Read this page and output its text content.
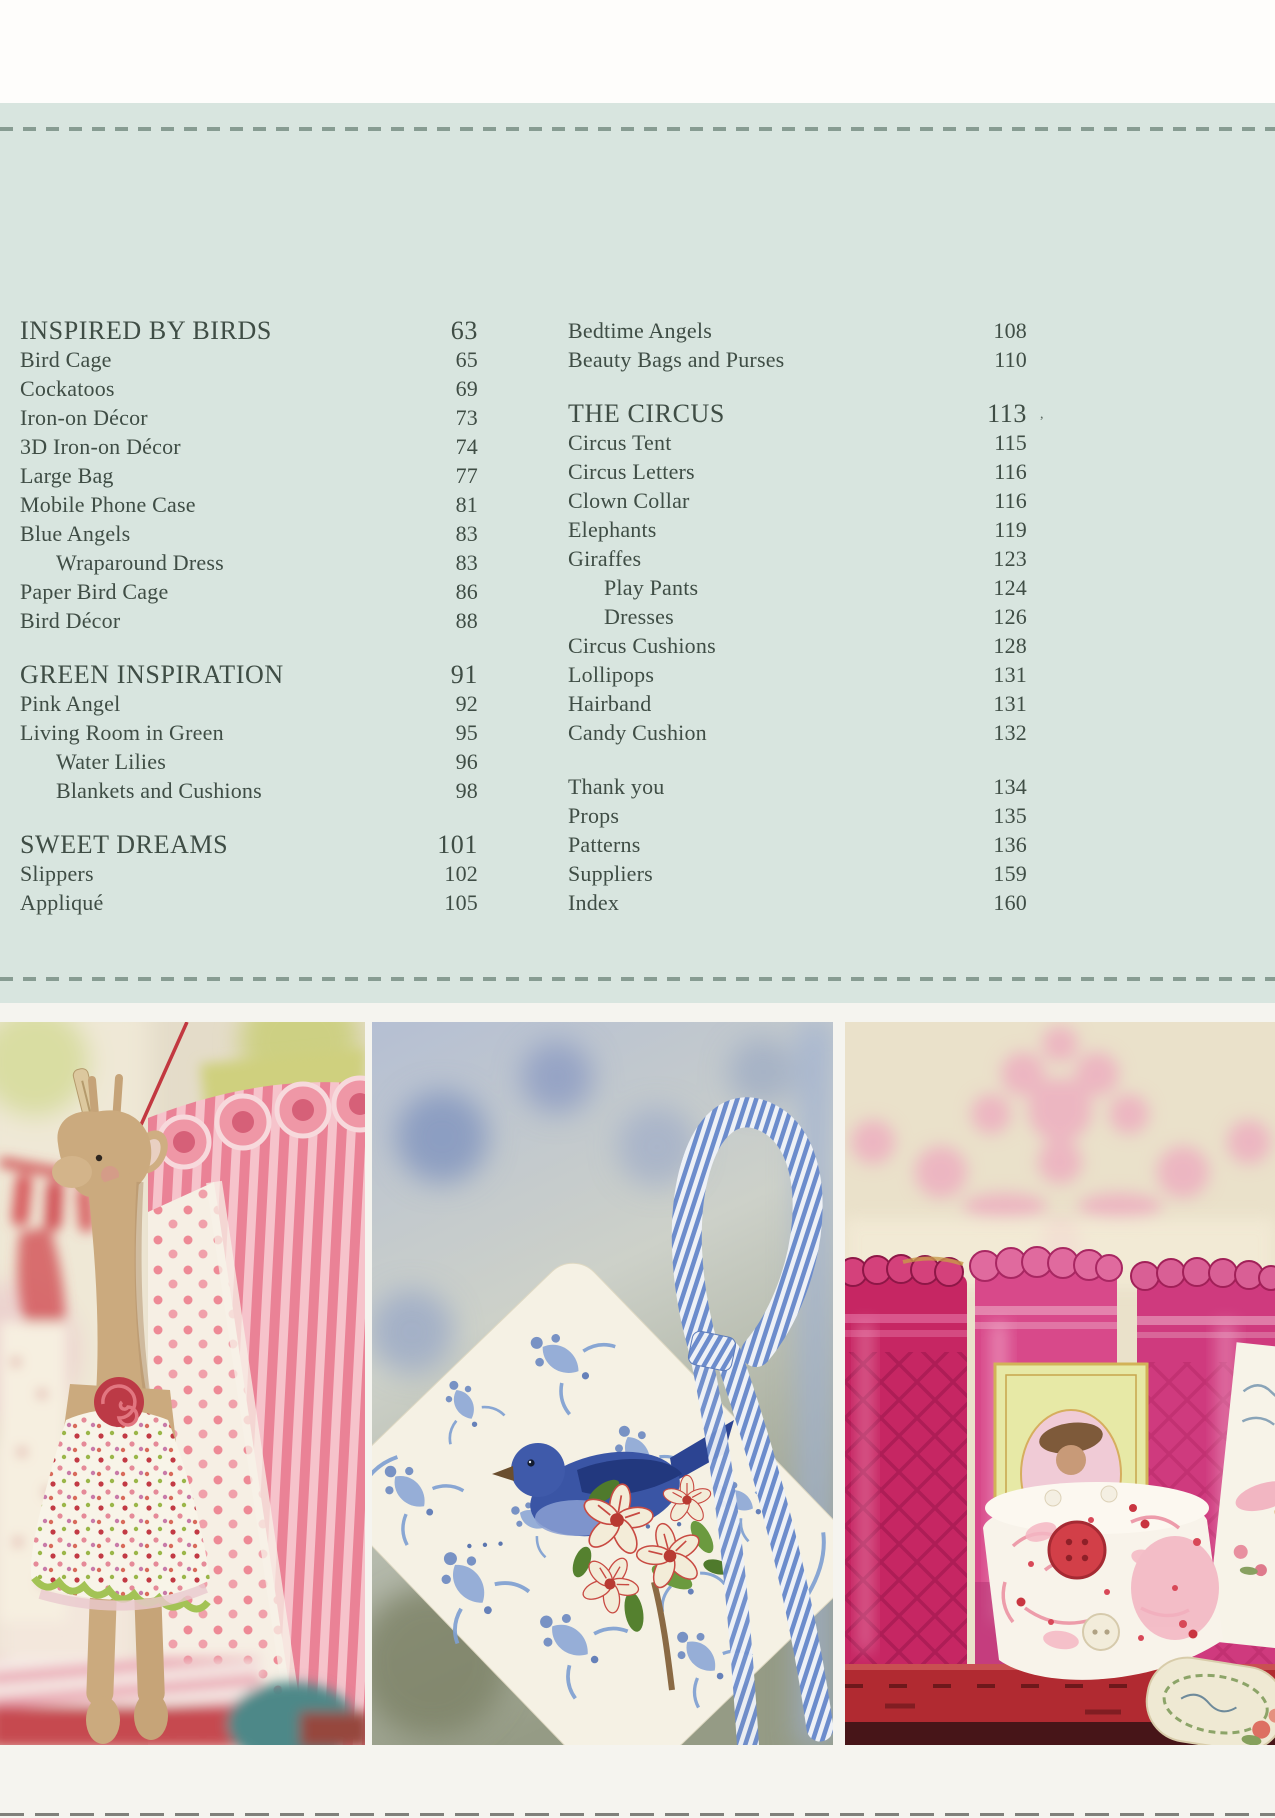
INSPIRED BY BIRDS	63
Bird Cage	65
Cockatoos	69
Iron-on Décor	73
3D Iron-on Décor	74
Large Bag	77
Mobile Phone Case	81
Blue Angels	83
Wraparound Dress	83
Paper Bird Cage	86
Bird Décor	88
GREEN INSPIRATION	91
Pink Angel	92
Living Room in Green	95
Water Lilies	96
Blankets and Cushions	98
SWEET DREAMS	101
Slippers	102
Appliqué	105
Bedtime Angels	108
Beauty Bags and Purses	110
THE CIRCUS	113 ,
Circus Tent	115
Circus Letters	116
Clown Collar	116
Elephants	119
Giraffes	123
Play Pants	124
Dresses	126
Circus Cushions	128
Lollipops	131
Hairband	131
Candy Cushion	132
Thank you	134
Props	135
Patterns	136
Suppliers	159
Index	160
